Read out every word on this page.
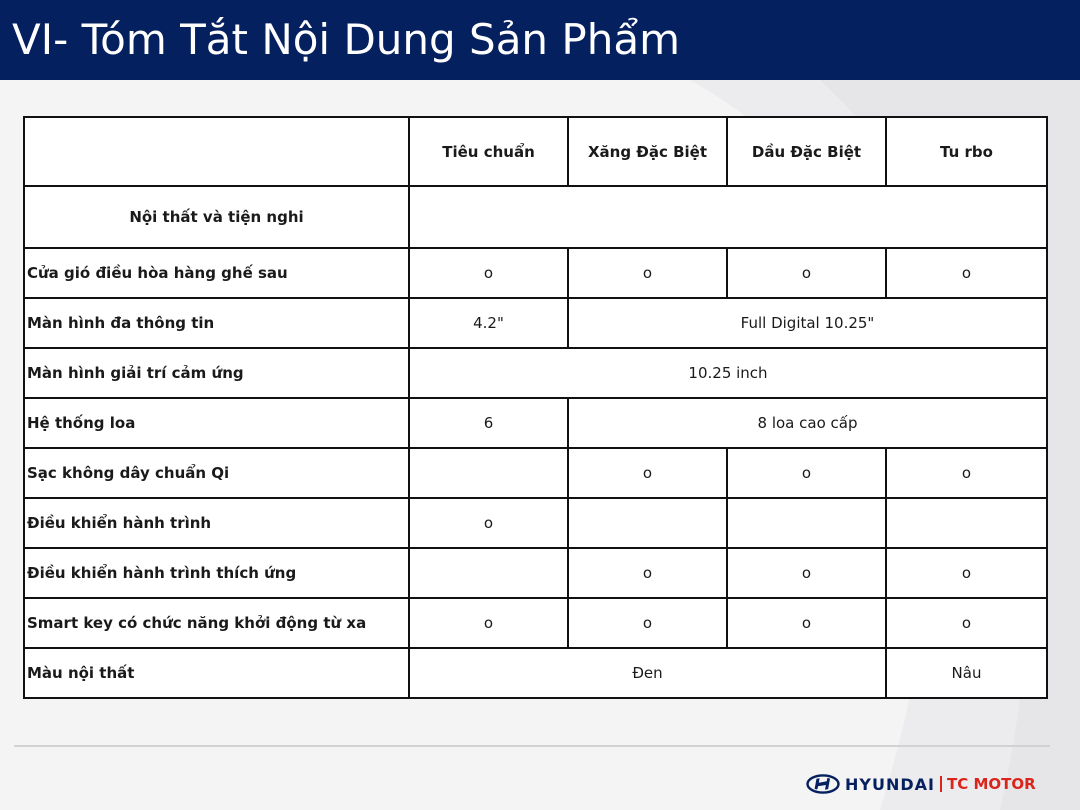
VI- Tóm Tắt Nội Dung Sản Phẩm
	Tiêu chuẩn	Xăng Đặc Biệt	Dầu Đặc Biệt	Tu rbo
Nội thất và tiện nghi				
Cửa gió điều hòa hàng ghế sau	o	o	o	o
Màn hình đa thông tin	4.2"	Full Digital 10.25"		
Màn hình giải trí cảm ứng	10.25 inch			
Hệ thống loa	6	8 loa cao cấp		
Sạc không dây chuẩn Qi		o	o	o
Điều khiển hành trình	o			
Điều khiển hành trình thích ứng		o	o	o
Smart key có chức năng khởi động từ xa	o	o	o	o
Màu nội thất	Đen			Nâu
HYUNDAI TC MOTOR
